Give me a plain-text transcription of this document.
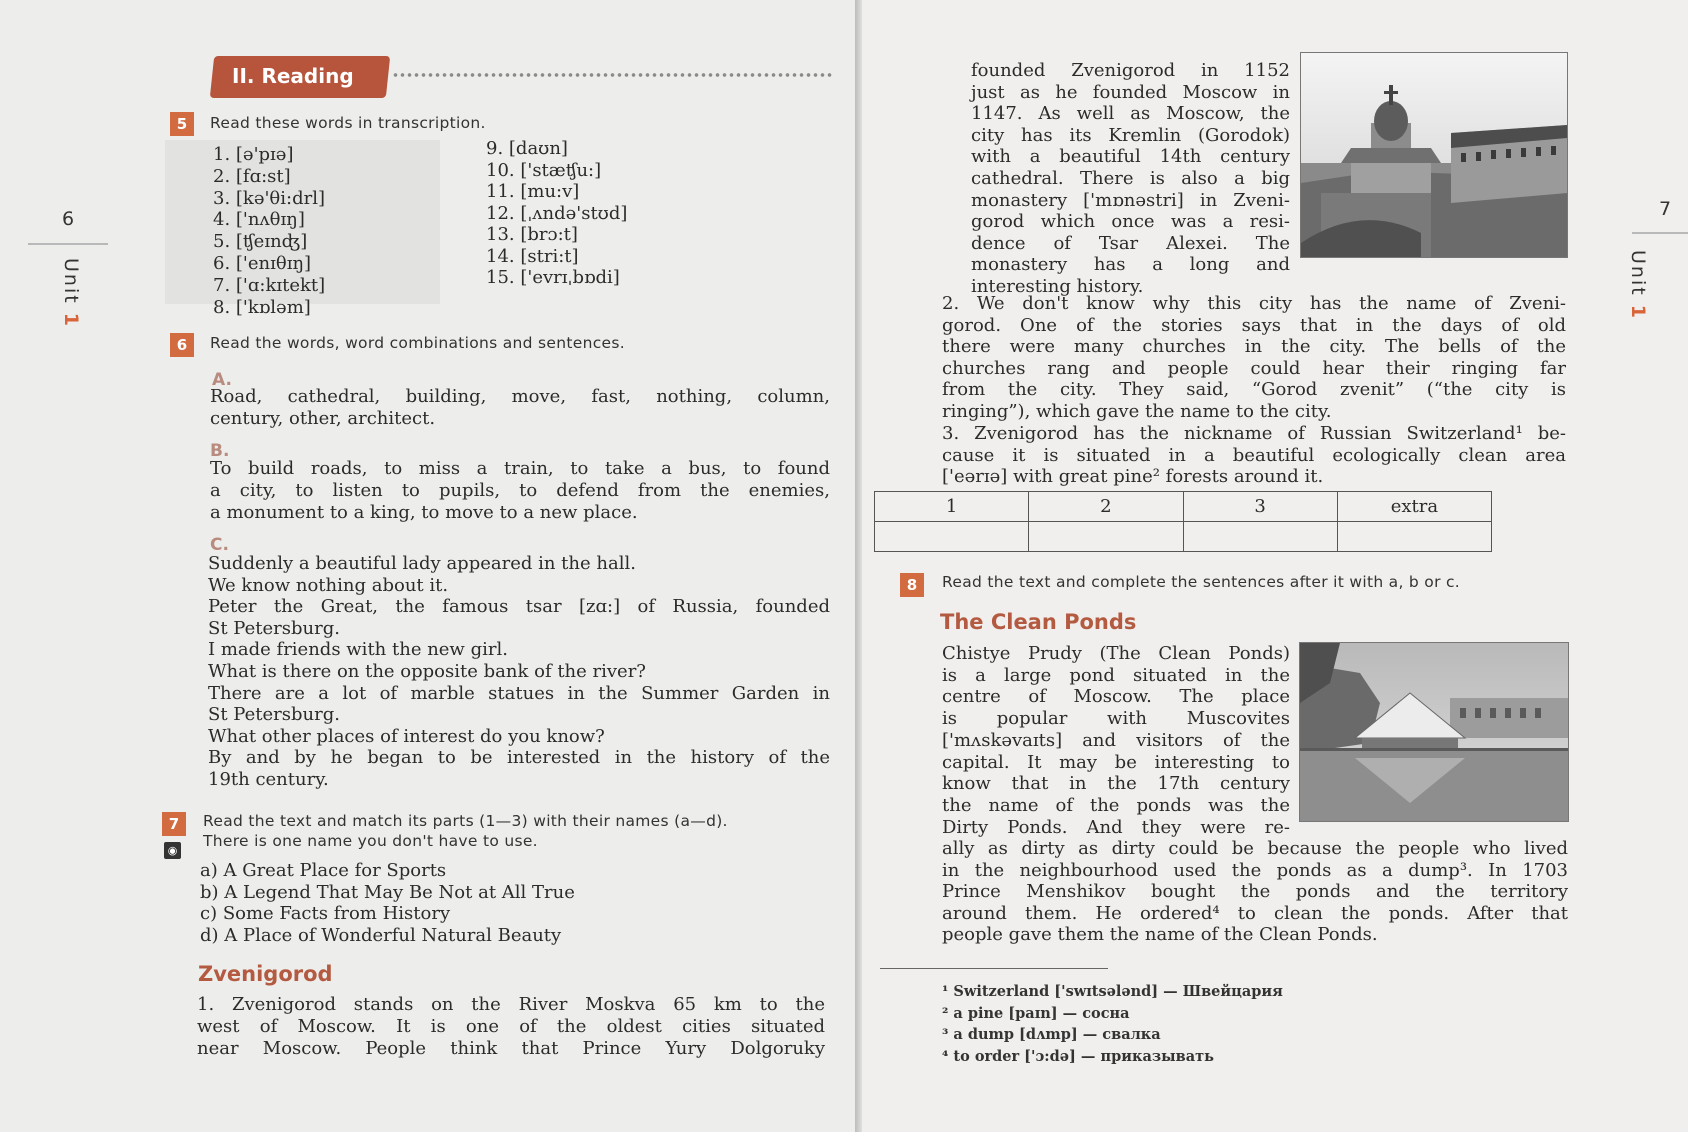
6
Unit 1
II. Reading
5	Read these words in transcription.
1. [ə'pɪə]
2. [fɑ:st]
3. [kə'θi:drl]
4. ['nʌθɪŋ]
5. [ʧeɪnʤ]
6. ['enɪθɪŋ]
7. ['ɑ:kɪtekt]
8. ['kɒləm]
9. [daʊn]
10. ['stæʧu:]
11. [mu:v]
12. [ˌʌndə'stʊd]
13. [brɔ:t]
14. [stri:t]
15. ['evrɪˌbɒdi]
6	Read the words, word combinations and sentences.
A.
Road, cathedral, building, move, fast, nothing, column,
century, other, architect.
B.
To build roads, to miss a train, to take a bus, to found
a city, to listen to pupils, to defend from the enemies,
a monument to a king, to move to a new place.
C.
Suddenly a beautiful lady appeared in the hall.
We know nothing about it.
Peter the Great, the famous tsar [zɑ:] of Russia, founded
St Petersburg.
I made friends with the new girl.
What is there on the opposite bank of the river?
There are a lot of marble statues in the Summer Garden in
St Petersburg.
What other places of interest do you know?
By and by he began to be interested in the history of the
19th century.
7
◉
Read the text and match its parts (1—3) with their names (a—d).
There is one name you don't have to use.
a) A Great Place for Sports
b) A Legend That May Be Not at All True
c) Some Facts from History
d) A Place of Wonderful Natural Beauty
Zvenigorod
1. Zvenigorod stands on the River Moskva 65 km to the
west of Moscow. It is one of the oldest cities situated
near Moscow. People think that Prince Yury Dolgoruky
7
Unit 1
founded Zvenigorod in 1152
just as he founded Moscow in
1147. As well as Moscow, the
city has its Kremlin (Gorodok)
with a beautiful 14th century
cathedral. There is also a big
monastery ['mɒnəstri] in Zveni-
gorod which once was a resi-
dence of Tsar Alexei. The
monastery has a long and
interesting history.
2. We don't know why this city has the name of Zveni-
gorod. One of the stories says that in the days of old
there were many churches in the city. The bells of the
churches rang and people could hear their ringing far
from the city. They said, “Gorod zvenit” (“the city is
ringing”), which gave the name to the city.
3. Zvenigorod has the nickname of Russian Switzerland¹ be-
cause it is situated in a beautiful ecologically clean area
['eərɪə] with great pine² forests around it.
1	2	3	extra

8	Read the text and complete the sentences after it with a, b or c.
The Clean Ponds
Chistye Prudy (The Clean Ponds)
is a large pond situated in the
centre of Moscow. The place
is popular with Muscovites
['mʌskəvaɪts] and visitors of the
capital. It may be interesting to
know that in the 17th century
the name of the ponds was the
Dirty Ponds. And they were re-
ally as dirty as dirty could be because the people who lived
in the neighbourhood used the ponds as a dump³. In 1703
Prince Menshikov bought the ponds and the territory
around them. He ordered⁴ to clean the ponds. After that
people gave them the name of the Clean Ponds.
¹ Switzerland ['swɪtsələnd] — Швейцария
² a pine [paɪn] — сосна
³ a dump [dʌmp] — свалка
⁴ to order ['ɔ:də] — приказывать
